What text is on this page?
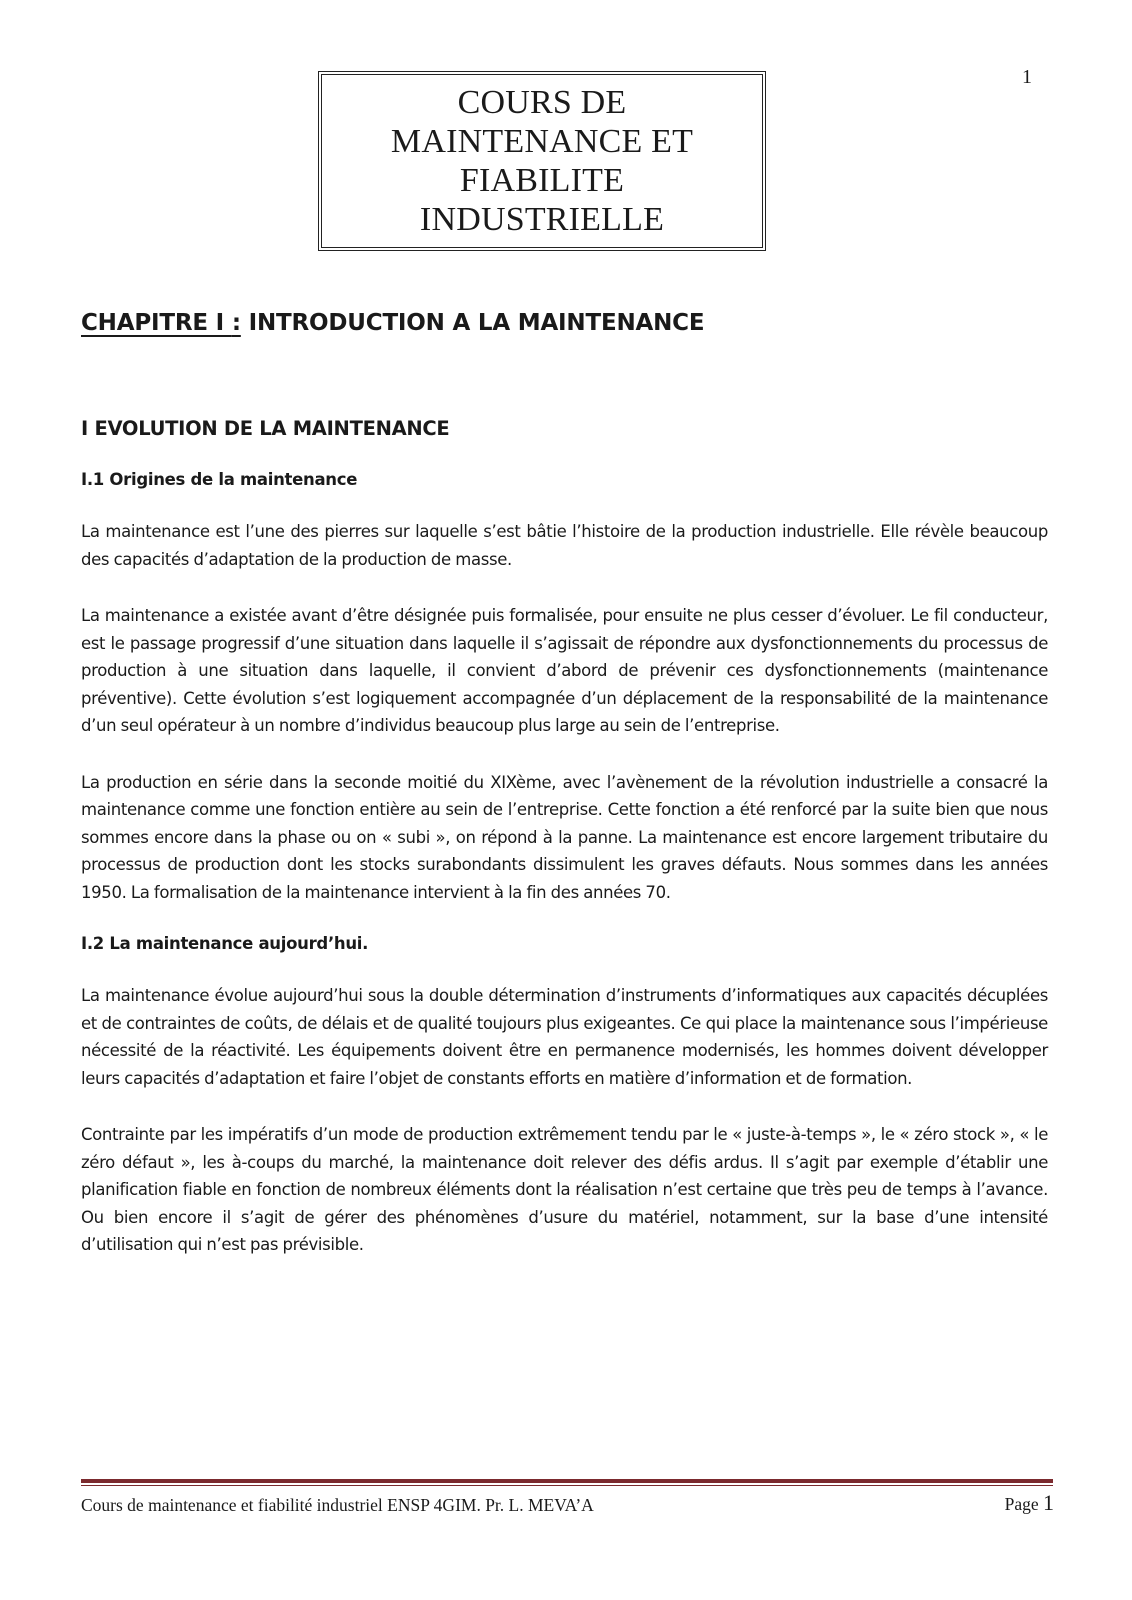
1
COURS DE
MAINTENANCE ET
FIABILITE
INDUSTRIELLE
CHAPITRE I : INTRODUCTION A LA MAINTENANCE
I EVOLUTION DE LA MAINTENANCE
I.1 Origines de la maintenance

La maintenance est l’une des pierres sur laquelle s’est bâtie l’histoire de la production industrielle. Elle révèle beaucoup des capacités d’adaptation de la production de masse.

La maintenance a existée avant d’être désignée puis formalisée, pour ensuite ne plus cesser d’évoluer. Le fil conducteur, est le passage progressif d’une situation dans laquelle il s’agissait de répondre aux dysfonctionnements du processus de production à une situation dans laquelle, il convient d’abord de prévenir ces dysfonctionnements (maintenance préventive). Cette évolution s’est logiquement accompagnée d’un déplacement de la responsabilité de la maintenance d’un seul opérateur à un nombre d’individus beaucoup plus large au sein de l’entreprise.

La production en série dans la seconde moitié du XIXème, avec l’avènement de la révolution industrielle a consacré la maintenance comme une fonction entière au sein de l’entreprise. Cette fonction a été renforcé par la suite bien que nous sommes encore dans la phase ou on « subi », on répond à la panne. La maintenance est encore largement tributaire du processus de production dont les stocks surabondants dissimulent les graves défauts. Nous sommes dans les années 1950. La formalisation de la maintenance intervient à la fin des années 70.

I.2 La maintenance aujourd’hui.

La maintenance évolue aujourd’hui sous la double détermination d’instruments d’informatiques aux capacités décuplées et de contraintes de coûts, de délais et de qualité toujours plus exigeantes. Ce qui place la maintenance sous l’impérieuse nécessité de la réactivité. Les équipements doivent être en permanence modernisés, les hommes doivent développer leurs capacités d’adaptation et faire l’objet de constants efforts en matière d’information et de formation.

Contrainte par les impératifs d’un mode de production extrêmement tendu par le « juste-à-temps », le « zéro stock », « le zéro défaut », les à-coups du marché, la maintenance doit relever des défis ardus. Il s’agit par exemple d’établir une planification fiable en fonction de nombreux éléments dont la réalisation n’est certaine que très peu de temps à l’avance. Ou bien encore il s’agit de gérer des phénomènes d’usure du matériel, notamment, sur la base d’une intensité d’utilisation qui n’est pas prévisible.

Cours de maintenance et fiabilité industriel ENSP 4GIM. Pr. L. MEVA’A	Page 1
